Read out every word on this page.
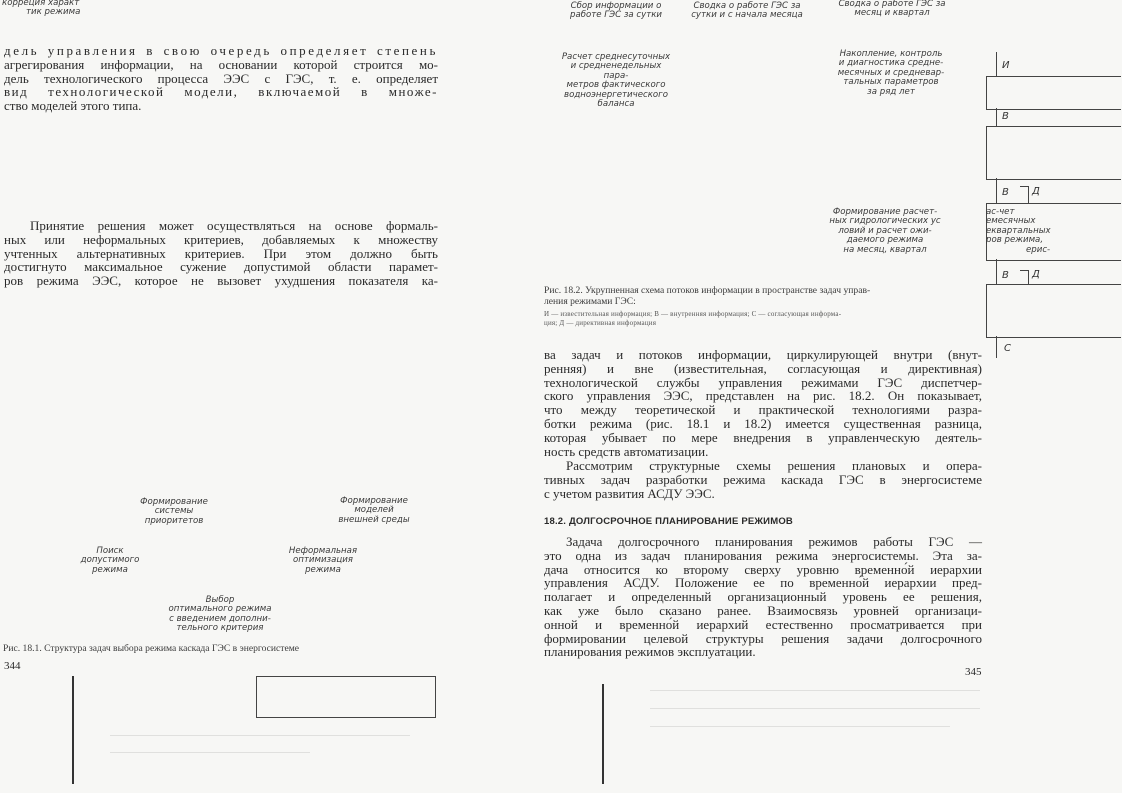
корреция характ
тик режима
дель управления в свою очередь определяет степень
агрегирования информации, на основании которой строится мо-
дель технологического процесса ЭЭС с ГЭС, т. е. определяет
вид технологической модели, включаемой в множе-
ство моделей этого типа.
Принятие решения может осуществляться на основе формаль-
ных или неформальных критериев, добавляемых к множеству
учтенных альтернативных критериев. При этом должно быть
достигнуто максимальное сужение допустимой области парамет-
ров режима ЭЭС, которое не вызовет ухудшения показателя ка-
Формирование
системы
приоритетов
Формирование
моделей
внешней среды
Поиск
допустимого
режима
Неформальная
оптимизация
режима
Выбор
оптимального режима
с введением дополни-
тельного критерия
Рис. 18.1. Структура задач выбора режима каскада ГЭС в энергосистеме
344
Сбор информации о
работе ГЭС за сутки
Сводка о работе ГЭС за
сутки и с начала месяца
Сводка о работе ГЭС за
месяц и квартал
Расчет среднесуточных
и средненедельных пара-
метров фактического
водноэнергетического
баланса
Накопление, контроль
и диагностика средне-
месячных и средневар-
тальных параметров
за ряд лет
Формирование расчет-
ных гидрологических ус
ловий и расчет ожи-
даемого режима
на месяц, квартал
ас-чет
емесячных
еквартальных
ров режима,
ерис-
И
В
В Д
В Д
С
Рис. 18.2. Укрупненная схема потоков информации в пространстве задач управ-
ления режимами ГЭС:
И — известительная информация; В — внутренняя информация; С — согласующая информа-
ция; Д — директивная информация
ва задач и потоков информации, циркулирующей внутри (внут-
ренняя) и вне (известительная, согласующая и директивная)
технологической службы управления режимами ГЭС диспетчер-
ского управления ЭЭС, представлен на рис. 18.2. Он показывает,
что между теоретической и практической технологиями разра-
ботки режима (рис. 18.1 и 18.2) имеется существенная разница,
которая убывает по мере внедрения в управленческую деятель-
ность средств автоматизации.
Рассмотрим структурные схемы решения плановых и опера-
тивных задач разработки режима каскада ГЭС в энергосистеме
с учетом развития АСДУ ЭЭС.
18.2. ДОЛГОСРОЧНОЕ ПЛАНИРОВАНИЕ РЕЖИМОВ
Задача долгосрочного планирования режимов работы ГЭС —
это одна из задач планирования режима энергосистемы. Эта за-
дача относится ко второму сверху уровню временно́й иерархии
управления АСДУ. Положение ее по временно́й иерархии пред-
полагает и определенный организационный уровень ее решения,
как уже было сказано ранее. Взаимосвязь уровней организаци-
онной и временно́й иерархий естественно просматривается при
формировании целевой структуры решения задачи долгосрочного
планирования режимов эксплуатации.
345
